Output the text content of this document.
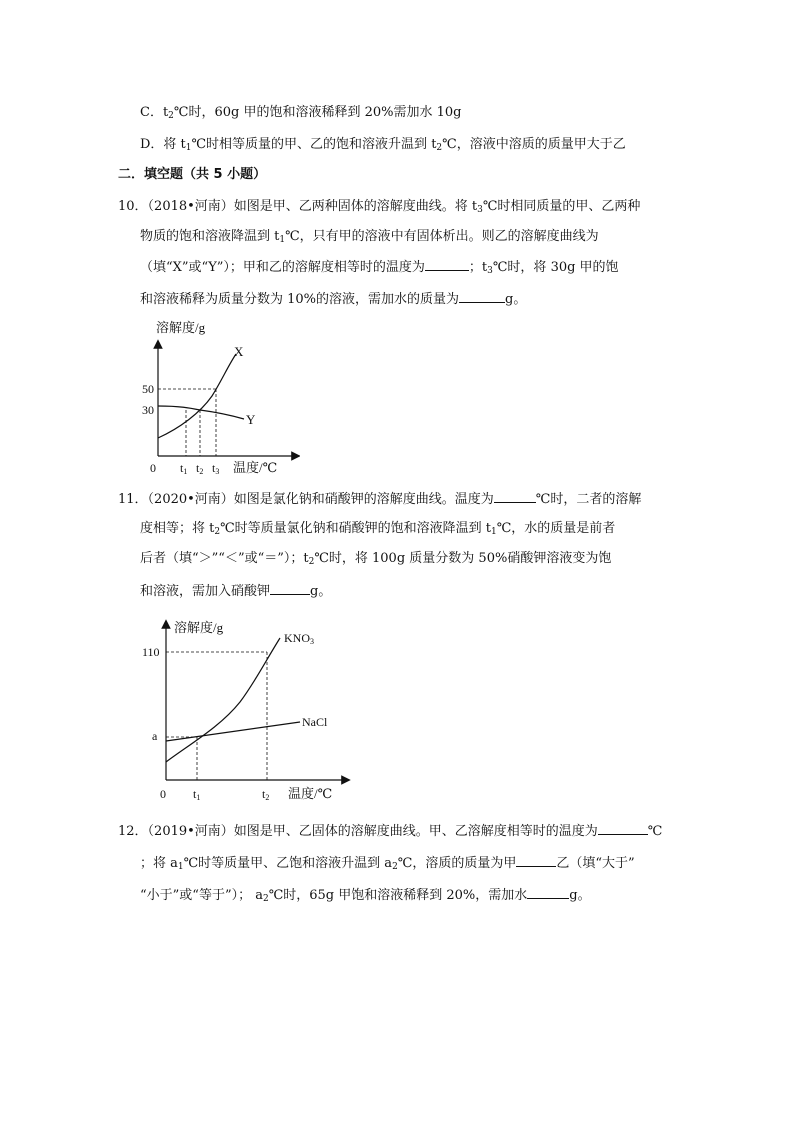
C．$t_2℃$时，60g 甲的饱和溶液稀释到 20%需加水 10g
D．将 $t_1℃$时相等质量的甲、乙的饱和溶液升温到 $t_2℃$，溶液中溶质的质量甲大于乙
二．填空题（共 5 小题）
10．（2018•河南）如图是甲、乙两种固体的溶解度曲线。将 $t_3℃$时相同质量的甲、乙两种
物质的饱和溶液降温到 $t_1℃$，只有甲的溶液中有固体析出。则乙的溶解度曲线为
（填“X”或“Y”）；甲和乙的溶解度相等时的温度为	；$t_3℃$时，将 30g 甲的饱
和溶液稀释为质量分数为 10%的溶液，需加水的质量为	g。
溶解度/g
50
30
0 t1 t2 t3 温度/℃
X
Y
11．（2020•河南）如图是氯化钠和硝酸钾的溶解度曲线。温度为	℃时，二者的溶解
度相等；将 $t_2℃$时等质量氯化钠和硝酸钾的饱和溶液降温到 $t_1℃$，水的质量是前者
后者（填“＞”“＜”或“＝”）；$t_2℃$时，将 100g 质量分数为 50%硝酸钾溶液变为饱
和溶液，需加入硝酸钾	g。
溶解度/g
110
a
0 t1	t2 温度/℃
KNO3
NaCl
12．（2019•河南）如图是甲、乙固体的溶解度曲线。甲、乙溶解度相等时的温度为	℃
；将 $a_1℃$时等质量甲、乙饱和溶液升温到 $a_2℃$，溶质的质量为甲	乙（填“大于”
“小于”或“等于”）； $a_2℃$时，65g 甲饱和溶液稀释到 20%，需加水	g。
